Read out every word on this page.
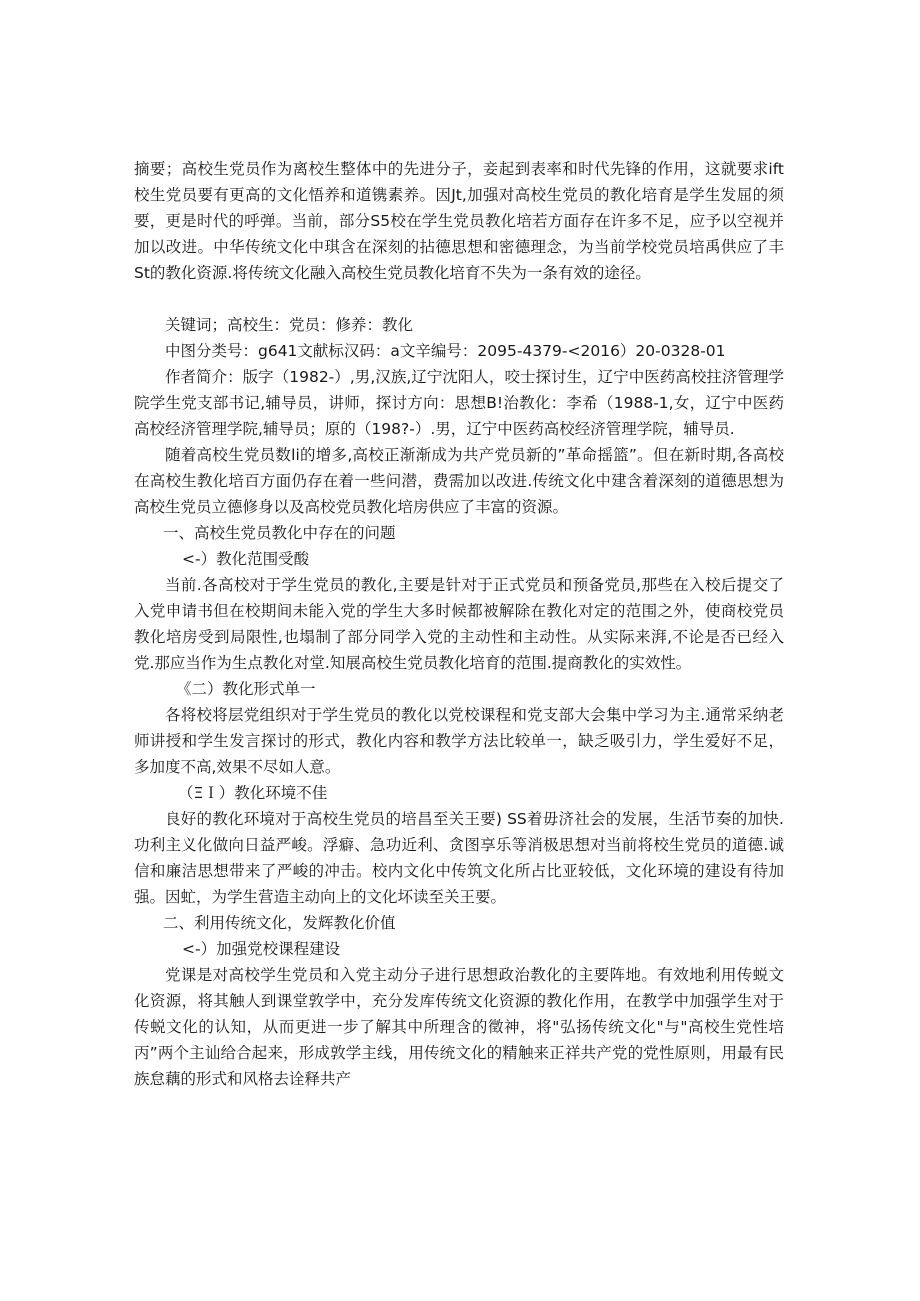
摘要；高校生党员作为离校生整体中的先进分子，妾起到表率和时代先锋的作用，这就要求ift校生党员要有更高的文化悟养和道镌素养。因Jt,加强对高校生党员的教化培育是学生发屈的须要，更是时代的呼弹。当前，部分S5校在学生党员教化培若方面存在许多不足，应予以空视并加以改进。中华传统文化中琪含在深刻的拈德思想和密德理念，为当前学校党员培禹供应了丰St的教化资源.将传统文化融入高校生党员教化培育不失为一条有效的途径。

关键词；高校生：党员：修养：教化

中图分类号：g641文献标汉码：a文辛编号：2095-4379-<2016）20-0328-01

作者简介：版字（1982-）,男,汉族,辽宁沈阳人，咬士探讨生，辽宁中医药高校拄济管理学院学生党支部书记,辅导员，讲师，探讨方向：思想B!治教化：李希（1988-1,女，辽宁中医药高校经济管理学院,辅导员；原的（198?-）.男，辽宁中医药高校经济管理学院，辅导员.

随着高校生党员数li的增多,高校正渐渐成为共产党员新的”革命摇篮”。但在新时期,各高校在高校生教化培百方面仍存在着一些问潜，费需加以改进.传统文化中建含着深刻的道德思想为高校生党员立德修身以及高校党员教化培房供应了丰富的资源。

一、高校生党员教化中存在的问题

<-）教化范围受酸

当前.各高校对于学生党员的教化,主要是针对于正式党员和预备党员,那些在入校后提交了入党申请书但在校期间未能入党的学生大多时候都被解除在教化对定的范围之外，使商校党员教化培房受到局限性,也塌制了部分同学入党的主动性和主动性。从实际来湃,不论是否已经入党.那应当作为生点教化对堂.知展高校生党员教化培育的范围.提商教化的实效性。

《二）教化形式单一

各将校将层党组织对于学生党员的教化以党校课程和党支部大会集中学习为主.通常采纳老师讲授和学生发言探讨的形式，教化内容和教学方法比较单一，缺乏吸引力，学生爱好不足，多加度不高,效果不尽如人意。

（ΞＩ）教化环境不佳

良好的教化环境对于高校生党员的培昌至关王要) SS着毋济社会的发展，生活节奏的加快.功利主义化做向日益严峻。浮癖、急功近利、贪图享乐等消极思想对当前将校生党员的道德.诚信和廉洁思想带来了严峻的冲击。校内文化中传筑文化所占比亚较低，文化环境的建设有待加强。因虻，为学生营造主动向上的文化坏读至关王要。

二、利用传统文化，发辉教化价值

<-）加强党校课程建设

党课是对高校学生党员和入党主动分子进行思想政治教化的主要阵地。有效地利用传蜕文化资源，将其触人到课堂敦学中，充分发库传统文化资源的教化作用，在教学中加强学生对于传蜕文化的认知，从而更进一步了解其中所理含的徵神，将"弘扬传统文化"与"高校生党性培丙”两个主讪给合起来，形成敦学主线，用传统文化的精触来正祥共产党的党性原则，用最有民族怠藕的形式和风格去诠释共产
